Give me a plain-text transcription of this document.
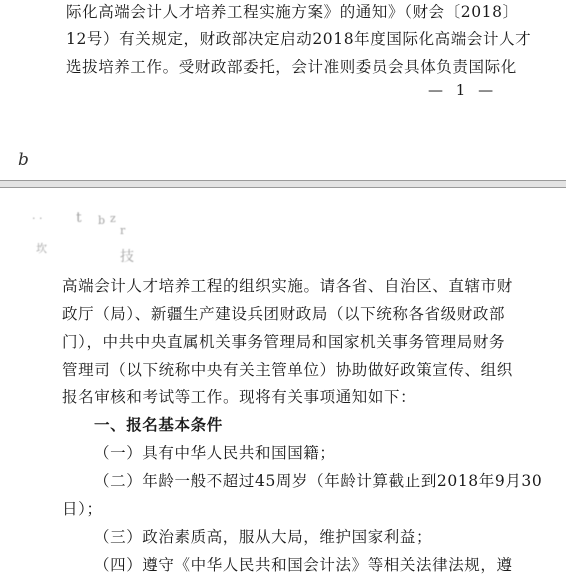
际化高端会计人才培养工程实施方案》的通知》（财会〔2018〕
12号）有关规定，财政部决定启动2018年度国际化高端会计人才
选拔培养工作。受财政部委托，会计准则委员会具体负责国际化
— 1 —
b
· · t b z
r
坎
技
高端会计人才培养工程的组织实施。请各省、自治区、直辖市财
政厅（局）、新疆生产建设兵团财政局（以下统称各省级财政部
门），中共中央直属机关事务管理局和国家机关事务管理局财务
管理司（以下统称中央有关主管单位）协助做好政策宣传、组织
报名审核和考试等工作。现将有关事项通知如下：
一、报名基本条件
（一）具有中华人民共和国国籍；
（二）年龄一般不超过45周岁（年龄计算截止到2018年9月30
日）；
（三）政治素质高，服从大局，维护国家利益；
（四）遵守《中华人民共和国会计法》等相关法律法规，遵
